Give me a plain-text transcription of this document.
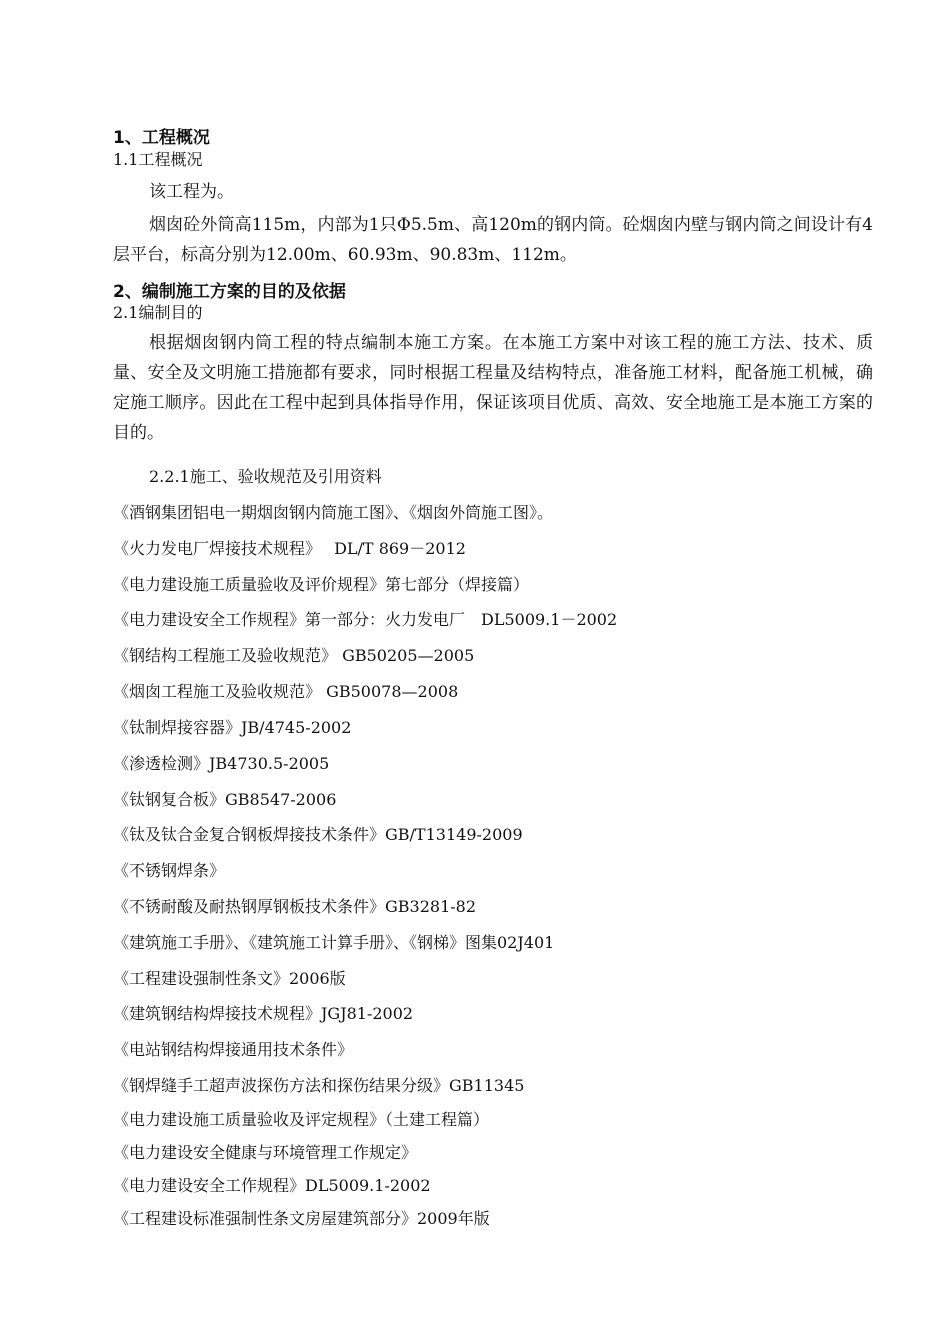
1、工程概况
1.1工程概况

该工程为。

烟囱砼外筒高115m，内部为1只Φ5.5m、高120m的钢内筒。砼烟囱内壁与钢内筒之间设计有4层平台，标高分别为12.00m、60.93m、90.83m、112m。

2、编制施工方案的目的及依据
2.1编制目的

根据烟囱钢内筒工程的特点编制本施工方案。在本施工方案中对该工程的施工方法、技术、质量、安全及文明施工措施都有要求，同时根据工程量及结构特点，准备施工材料，配备施工机械，确定施工顺序。因此在工程中起到具体指导作用，保证该项目优质、高效、安全地施工是本施工方案的目的。

2.2.1施工、验收规范及引用资料
《酒钢集团铝电一期烟囱钢内筒施工图》、《烟囱外筒施工图》。
《火力发电厂焊接技术规程》　 DL/T 869－2012
《电力建设施工质量验收及评价规程》第七部分（焊接篇）
《电力建设安全工作规程》第一部分：火力发电厂　DL5009.1－2002
《钢结构工程施工及验收规范》 GB50205—2005
《烟囱工程施工及验收规范》 GB50078—2008
《钛制焊接容器》JB/4745-2002
《渗透检测》JB4730.5-2005
《钛钢复合板》GB8547-2006
《钛及钛合金复合钢板焊接技术条件》GB/T13149-2009
《不锈钢焊条》
《不锈耐酸及耐热钢厚钢板技术条件》GB3281-82
《建筑施工手册》、《建筑施工计算手册》、《钢梯》图集02J401
《工程建设强制性条文》2006版
《建筑钢结构焊接技术规程》JGJ81-2002
《电站钢结构焊接通用技术条件》
《钢焊缝手工超声波探伤方法和探伤结果分级》GB11345
《电力建设施工质量验收及评定规程》（土建工程篇）
《电力建设安全健康与环境管理工作规定》
《电力建设安全工作规程》DL5009.1-2002
《工程建设标准强制性条文房屋建筑部分》2009年版
